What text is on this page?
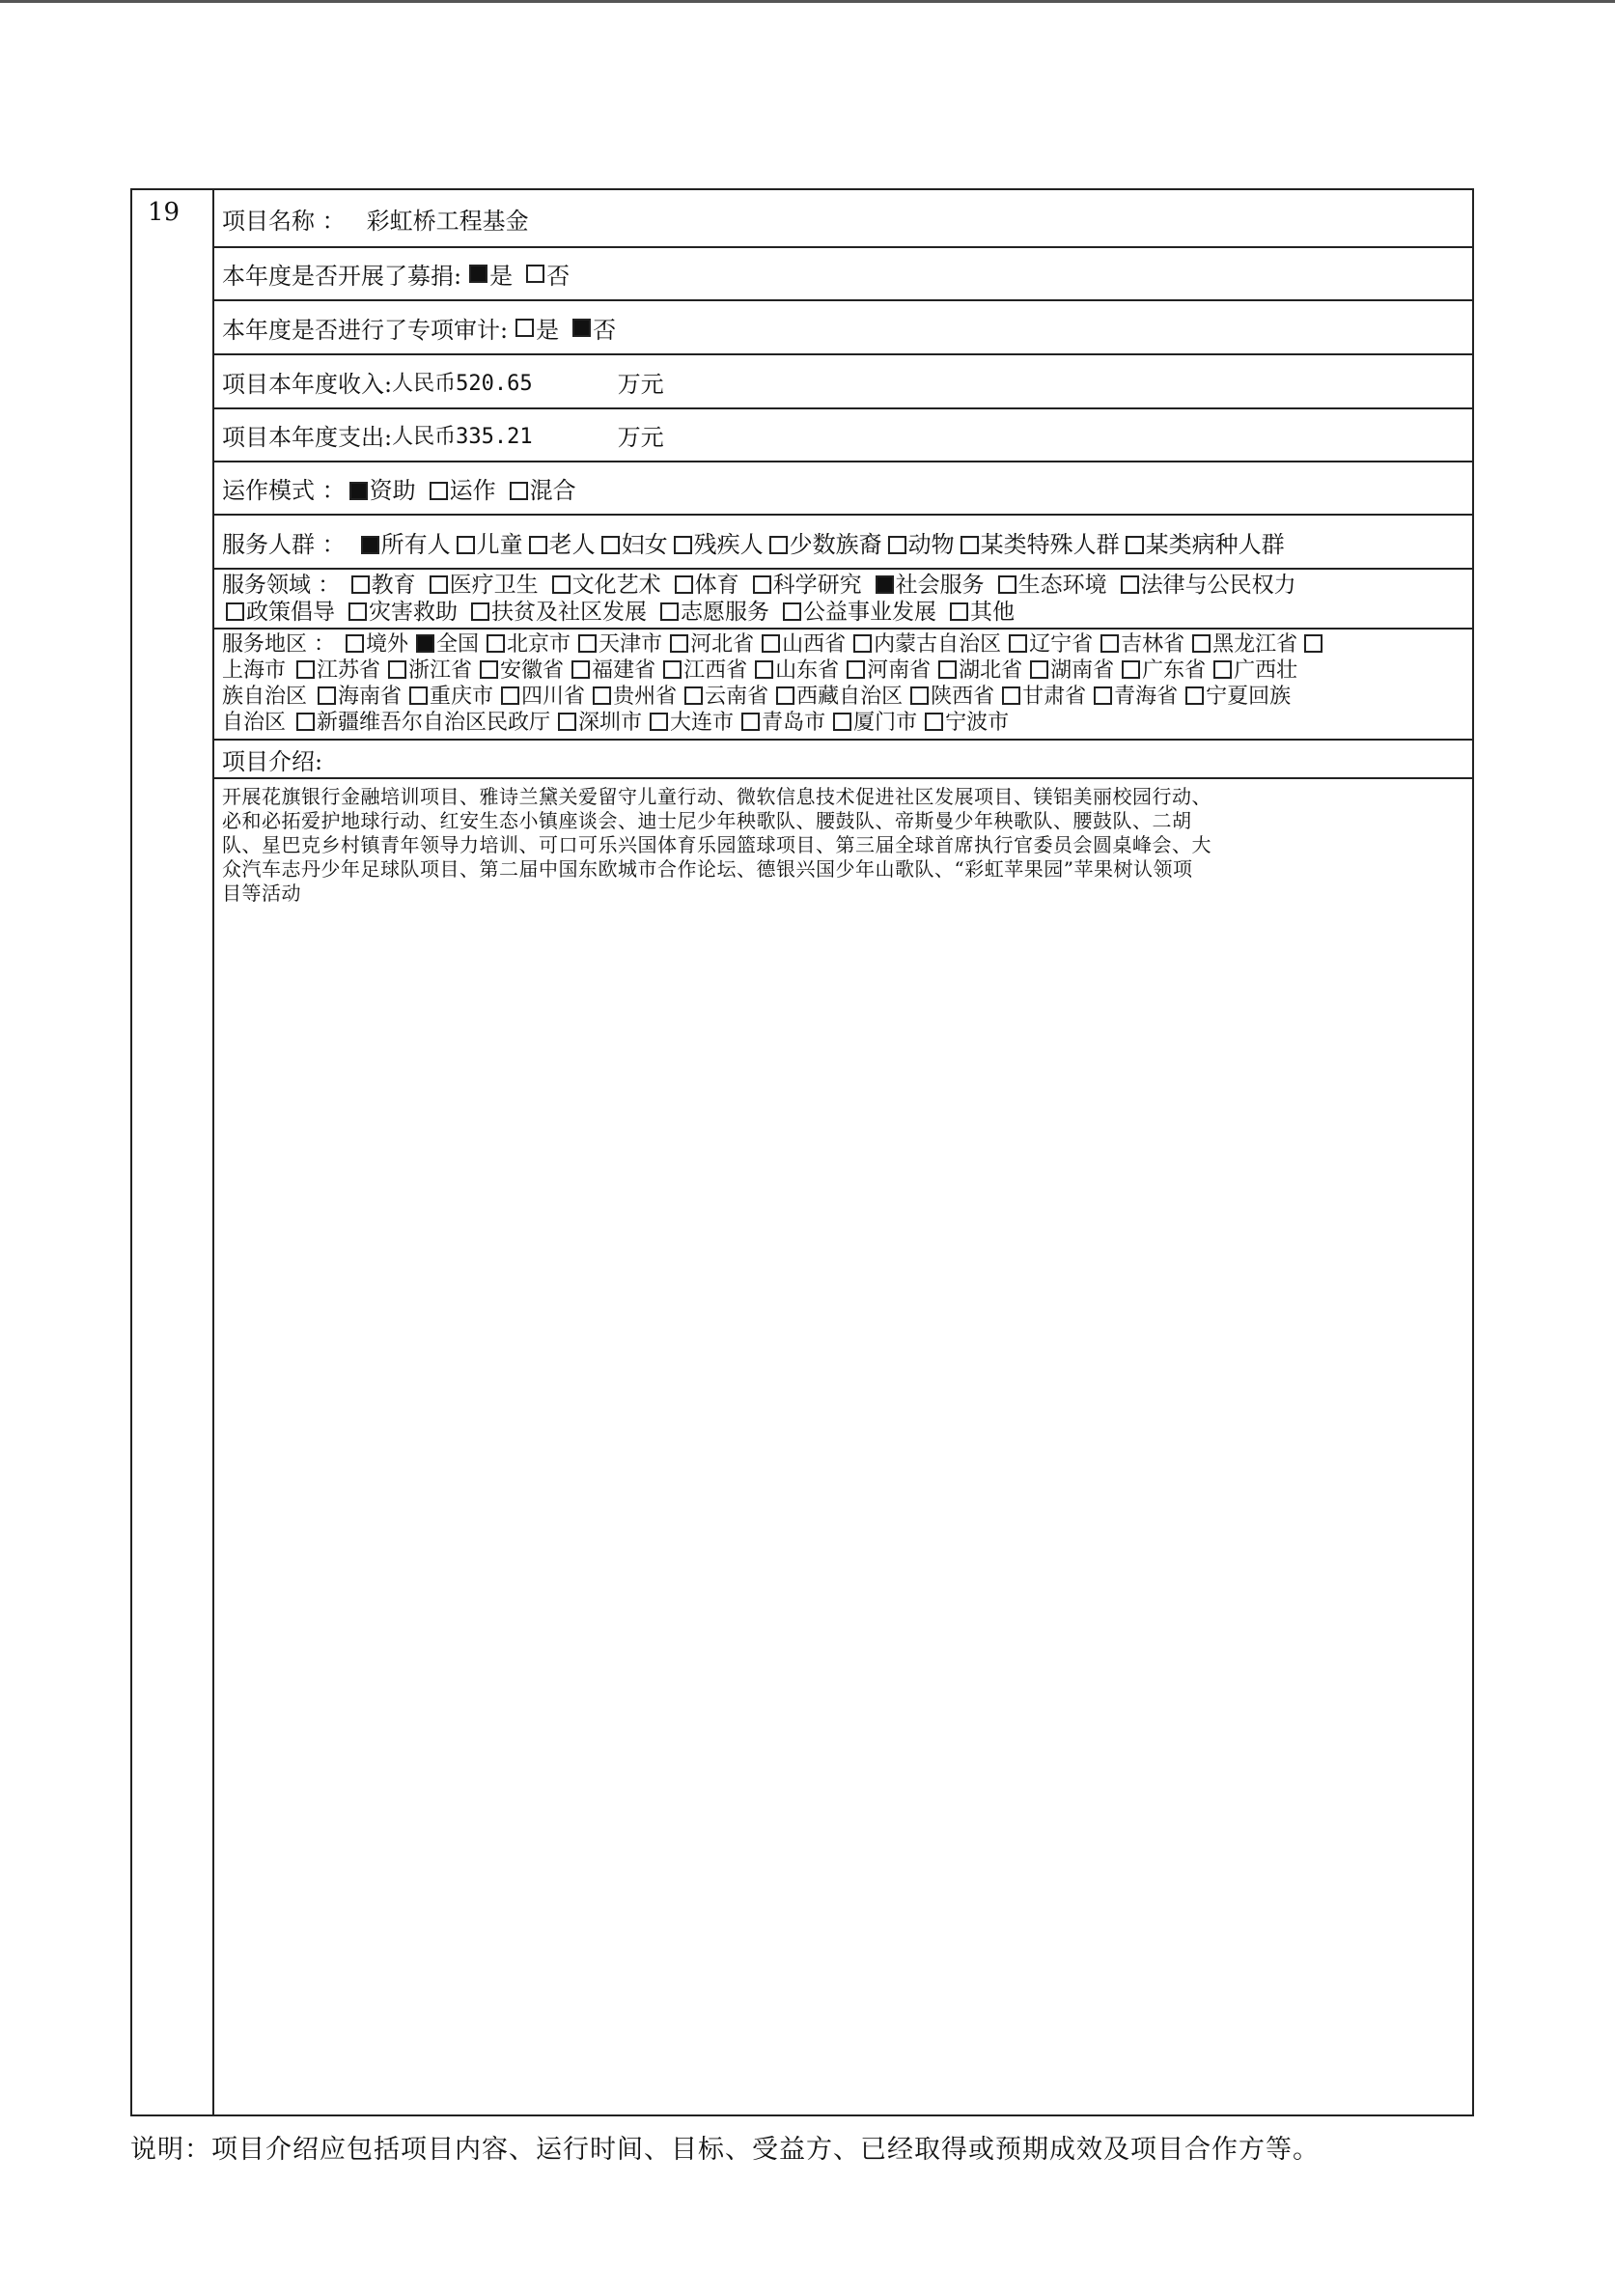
19 项目名称 ： 彩虹桥工程基金
本年度是否开展了募捐: 是 否
本年度是否进行了专项审计: 是 否
项目本年度收入: 人民币520.65	万元
项目本年度支出: 人民币335.21	万元
运作模式 ：	资助 运作 混合
服务人群 ：	所有人 儿童 老人 妇女 残疾人 少数族裔 动物 某类特殊人群 某类病种人群
服务领域 ： 教育 医疗卫生 文化艺术 体育 科学研究 社会服务 生态环境 法律与公民权力
政策倡导 灾害救助 扶贫及社区发展 志愿服务 公益事业发展 其他
服务地区 ： 境外 全国 北京市 天津市 河北省 山西省 内蒙古自治区 辽宁省 吉林省 黑龙江省
上海市 江苏省 浙江省 安徽省 福建省 江西省 山东省 河南省 湖北省 湖南省 广东省 广西壮
族自治区 海南省 重庆市 四川省 贵州省 云南省 西藏自治区 陕西省 甘肃省 青海省 宁夏回族
自治区 新疆维吾尔自治区民政厅 深圳市 大连市 青岛市 厦门市 宁波市
项目介绍:
开展花旗银行金融培训项目、雅诗兰黛关爱留守儿童行动、微软信息技术促进社区发展项目、镁铝美丽校园行动、
必和必拓爱护地球行动、红安生态小镇座谈会、迪士尼少年秧歌队、腰鼓队、帝斯曼少年秧歌队、腰鼓队、二胡
队、星巴克乡村镇青年领导力培训、可口可乐兴国体育乐园篮球项目、第三届全球首席执行官委员会圆桌峰会、大
众汽车志丹少年足球队项目、第二届中国东欧城市合作论坛、德银兴国少年山歌队、“彩虹苹果园”苹果树认领项
目等活动
说明：项目介绍应包括项目内容、运行时间、目标、受益方、已经取得或预期成效及项目合作方等。
